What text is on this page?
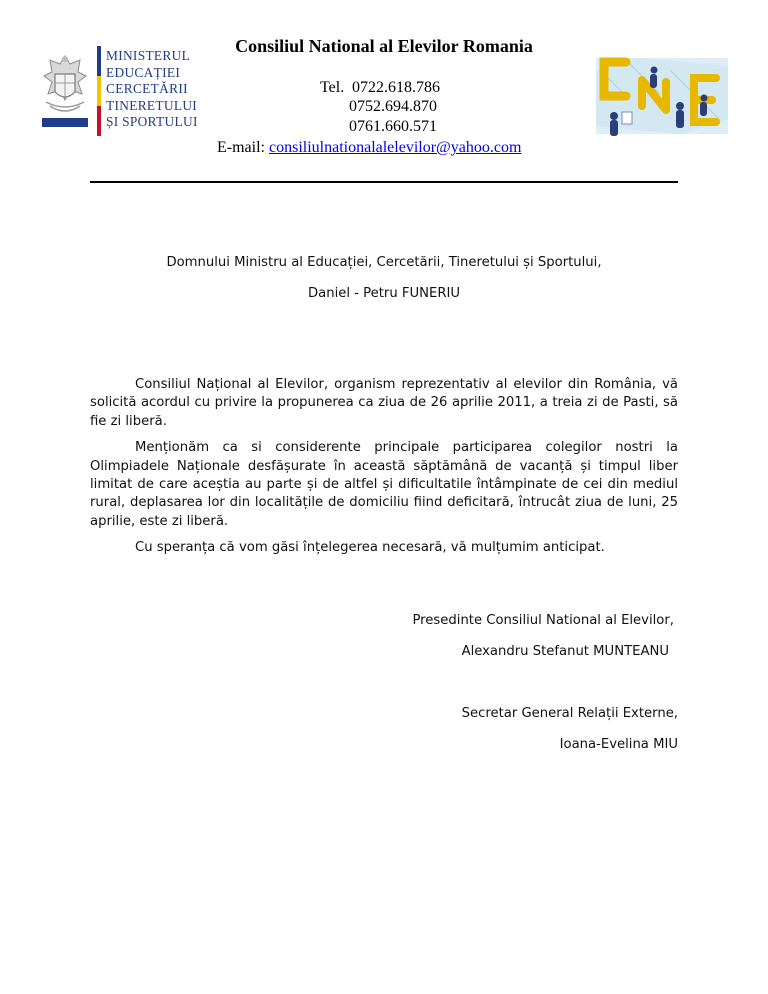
MINISTERUL
EDUCAȚIEI
CERCETĂRII
TINERETULUI
ȘI SPORTULUI
Consiliul National al Elevilor Romania
Tel. 0722.618.786
0752.694.870
0761.660.571
E-mail: consiliulnationalalelevilor@yahoo.com
Domnului Ministru al Educației, Cercetării, Tineretului și Sportului,
Daniel - Petru FUNERIU

Consiliul Național al Elevilor, organism reprezentativ al elevilor din România, vă solicită acordul cu privire la propunerea ca ziua de 26 aprilie 2011, a treia zi de Pasti, să fie zi liberă.

Menționăm ca si considerente principale participarea colegilor nostri la Olimpiadele Naționale desfășurate în această săptămână de vacanță și timpul liber limitat de care aceștia au parte și de altfel și dificultatile întâmpinate de cei din mediul rural, deplasarea lor din localitățile de domiciliu fiind deficitară, întrucât ziua de luni, 25 aprilie, este zi liberă.

Cu speranța că vom găsi înțelegerea necesară, vă mulțumim anticipat.

Presedinte Consiliul National al Elevilor,
Alexandru Stefanut MUNTEANU
Secretar General Relații Externe,
Ioana-Evelina MIU
